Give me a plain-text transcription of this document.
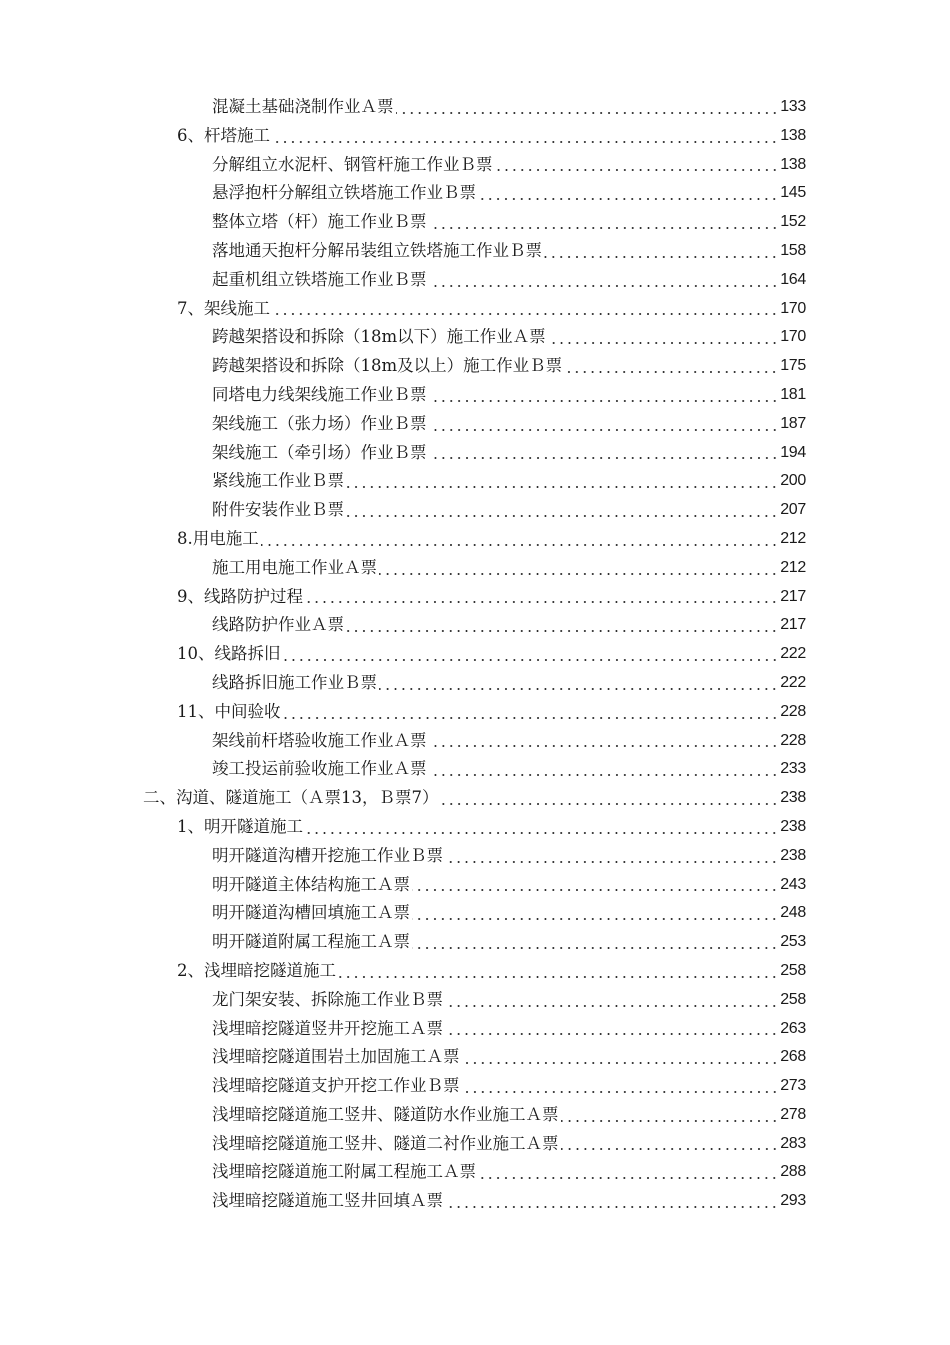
混凝土基础浇制作业Ａ票	133
6、杆塔施工	138
分解组立水泥杆、钢管杆施工作业Ｂ票	138
悬浮抱杆分解组立铁塔施工作业Ｂ票	145
整体立塔（杆）施工作业Ｂ票	152
落地通天抱杆分解吊装组立铁塔施工作业Ｂ票	158
起重机组立铁塔施工作业Ｂ票	164
7、架线施工	170
跨越架搭设和拆除（18m以下）施工作业Ａ票	170
跨越架搭设和拆除（18m及以上）施工作业Ｂ票	175
同塔电力线架线施工作业Ｂ票	181
架线施工（张力场）作业Ｂ票	187
架线施工（牵引场）作业Ｂ票	194
紧线施工作业Ｂ票	200
附件安装作业Ｂ票	207
8.用电施工	212
施工用电施工作业Ａ票	212
9、线路防护过程	217
线路防护作业Ａ票	217
10、线路拆旧	222
线路拆旧施工作业Ｂ票	222
11、中间验收	228
架线前杆塔验收施工作业Ａ票	228
竣工投运前验收施工作业Ａ票	233
二、沟道、隧道施工（Ａ票13，Ｂ票7）	238
1、明开隧道施工	238
明开隧道沟槽开挖施工作业Ｂ票	238
明开隧道主体结构施工Ａ票	243
明开隧道沟槽回填施工Ａ票	248
明开隧道附属工程施工Ａ票	253
2、浅埋暗挖隧道施工	258
龙门架安装、拆除施工作业Ｂ票	258
浅埋暗挖隧道竖井开挖施工Ａ票	263
浅埋暗挖隧道围岩土加固施工Ａ票	268
浅埋暗挖隧道支护开挖工作业Ｂ票	273
浅埋暗挖隧道施工竖井、隧道防水作业施工Ａ票	278
浅埋暗挖隧道施工竖井、隧道二衬作业施工Ａ票	283
浅埋暗挖隧道施工附属工程施工Ａ票	288
浅埋暗挖隧道施工竖井回填Ａ票	293
